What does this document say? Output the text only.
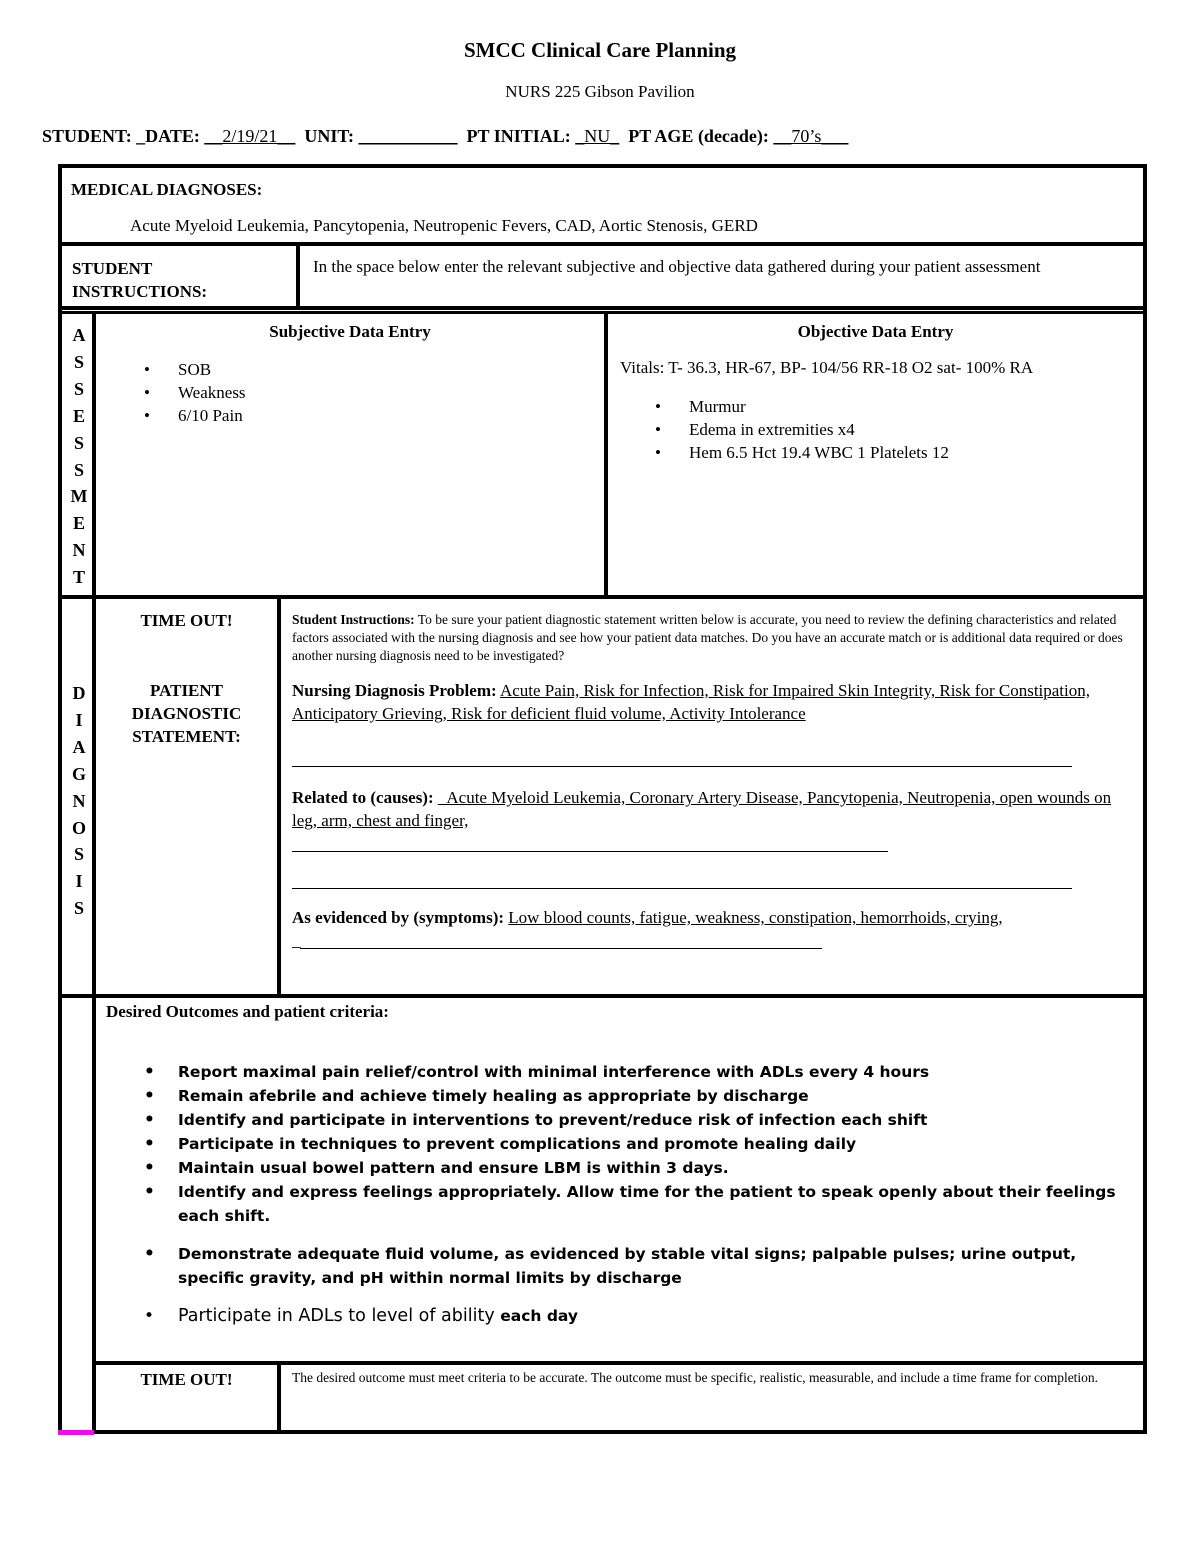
SMCC Clinical Care Planning
NURS 225 Gibson Pavilion
STUDENT: _DATE: __2/19/21__ UNIT: ___________ PT INITIAL: _NU_ PT AGE (decade): __70’s___
MEDICAL DIAGNOSES:
Acute Myeloid Leukemia, Pancytopenia, Neutropenic Fevers, CAD, Aortic Stenosis, GERD
STUDENT INSTRUCTIONS:
In the space below enter the relevant subjective and objective data gathered during your patient assessment
A
S
S
E
S
S
M
E
N
T
Subjective Data Entry
• SOB
• Weakness
• 6/10 Pain
Objective Data Entry
Vitals: T- 36.3, HR-67, BP- 104/56 RR-18 O2 sat- 100% RA
• Murmur
• Edema in extremities x4
• Hem 6.5 Hct 19.4 WBC 1 Platelets 12
D
I
A
G
N
O
S
I
S
TIME OUT!
PATIENT DIAGNOSTIC STATEMENT:
Student Instructions: To be sure your patient diagnostic statement written below is accurate, you need to review the defining characteristics and related factors associated with the nursing diagnosis and see how your patient data matches. Do you have an accurate match or is additional data required or does another nursing diagnosis need to be investigated?
Nursing Diagnosis Problem: Acute Pain, Risk for Infection, Risk for Impaired Skin Integrity, Risk for Constipation, Anticipatory Grieving, Risk for deficient fluid volume, Activity Intolerance
Related to (causes): _Acute Myeloid Leukemia, Coronary Artery Disease, Pancytopenia, Neutropenia, open wounds on leg, arm, chest and finger,
As evidenced by (symptoms): Low blood counts, fatigue, weakness, constipation, hemorrhoids, crying,
_
Desired Outcomes and patient criteria:
• Report maximal pain relief/control with minimal interference with ADLs every 4 hours
• Remain afebrile and achieve timely healing as appropriate by discharge
• Identify and participate in interventions to prevent/reduce risk of infection each shift
• Participate in techniques to prevent complications and promote healing daily
• Maintain usual bowel pattern and ensure LBM is within 3 days.
• Identify and express feelings appropriately. Allow time for the patient to speak openly about their feelings each shift.
• Demonstrate adequate fluid volume, as evidenced by stable vital signs; palpable pulses; urine output, specific gravity, and pH within normal limits by discharge
• Participate in ADLs to level of ability each day
TIME OUT!	The desired outcome must meet criteria to be accurate. The outcome must be specific, realistic, measurable, and include a time frame for completion.
